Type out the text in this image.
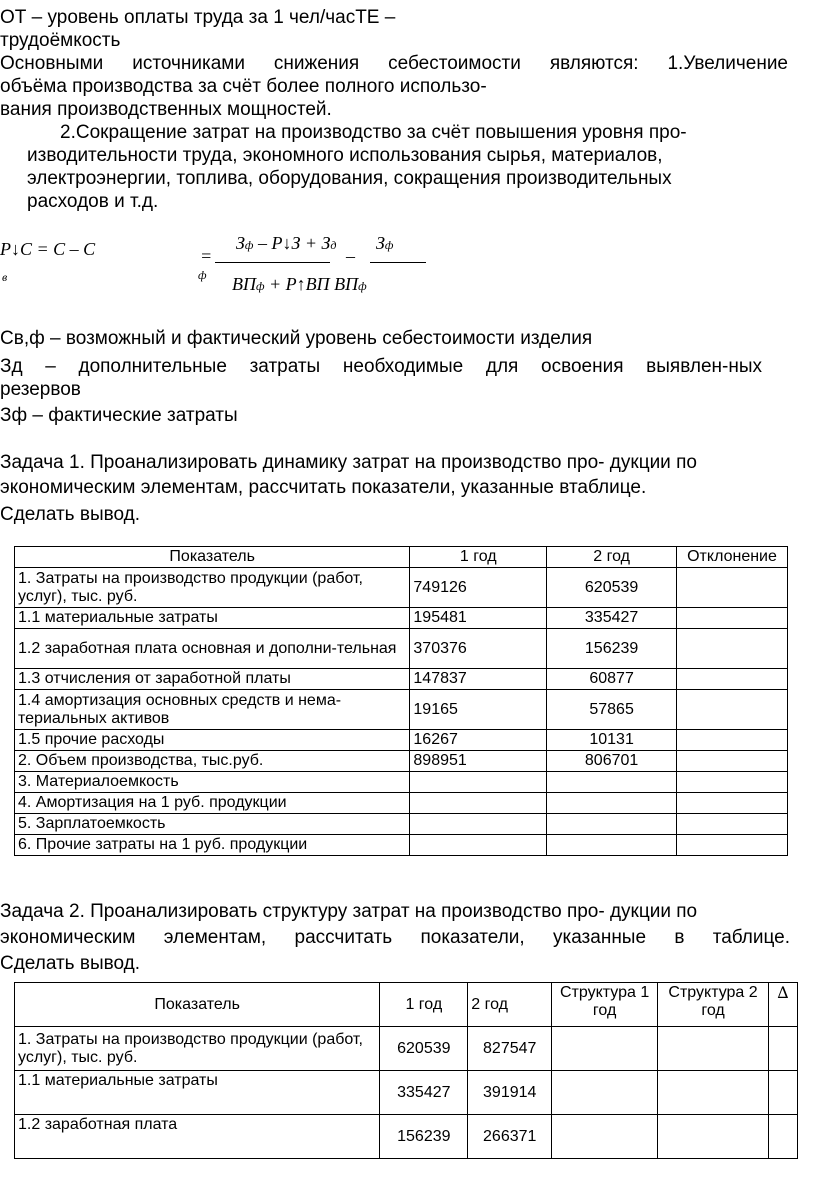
ОТ – уровень оплаты труда за 1 чел/часТЕ –
трудоёмкость
Основными источниками снижения себестоимости являются: 1.Увеличение
объёма производства за счёт более полного использо-
вания производственных мощностей.
2.Сокращение затрат на производство за счёт повышения уровня про-
изводительности труда, экономного использования сырья, материалов,
электроэнергии, топлива, оборудования, сокращения производительных
расходов и т.д.
Р↓С = С – С
в
=
ф
Зф – Р↓З + Зд
–
Зф
ВПф + Р↑ВП ВПф
Св,ф – возможный и фактический уровень себестоимости изделия
Зд – дополнительные затраты необходимые для освоения выявлен-ных
резервов
Зф – фактические затраты
Задача 1. Проанализировать динамику затрат на производство про- дукции по
экономическим элементам, рассчитать показатели, указанные втаблице.
Сделать вывод.
Показатель	1 год	2 год	Отклонение
1. Затраты на производство продукции (работ, услуг), тыс. руб.	749126	620539	
1.1 материальные затраты	195481	335427	
1.2 заработная плата основная и дополни-тельная	370376	156239	
1.3 отчисления от заработной платы	147837	60877	
1.4 амортизация основных средств и нема-териальных активов	19165	57865	
1.5 прочие расходы	16267	10131	
2. Объем производства, тыс.руб.	898951	806701	
3. Материалоемкость			
4. Амортизация на 1 руб. продукции			
5. Зарплатоемкость			
6. Прочие затраты на 1 руб. продукции			
Задача 2. Проанализировать структуру затрат на производство про- дукции по
экономическим элементам, рассчитать показатели, указанные в таблице.
Сделать вывод.
Показатель	1 год	2 год	Структура 1 год	Структура 2 год	∆
1. Затраты на производство продукции (работ, услуг), тыс. руб.	620539	827547			
1.1 материальные затраты	335427	391914			
1.2 заработная плата	156239	266371			
